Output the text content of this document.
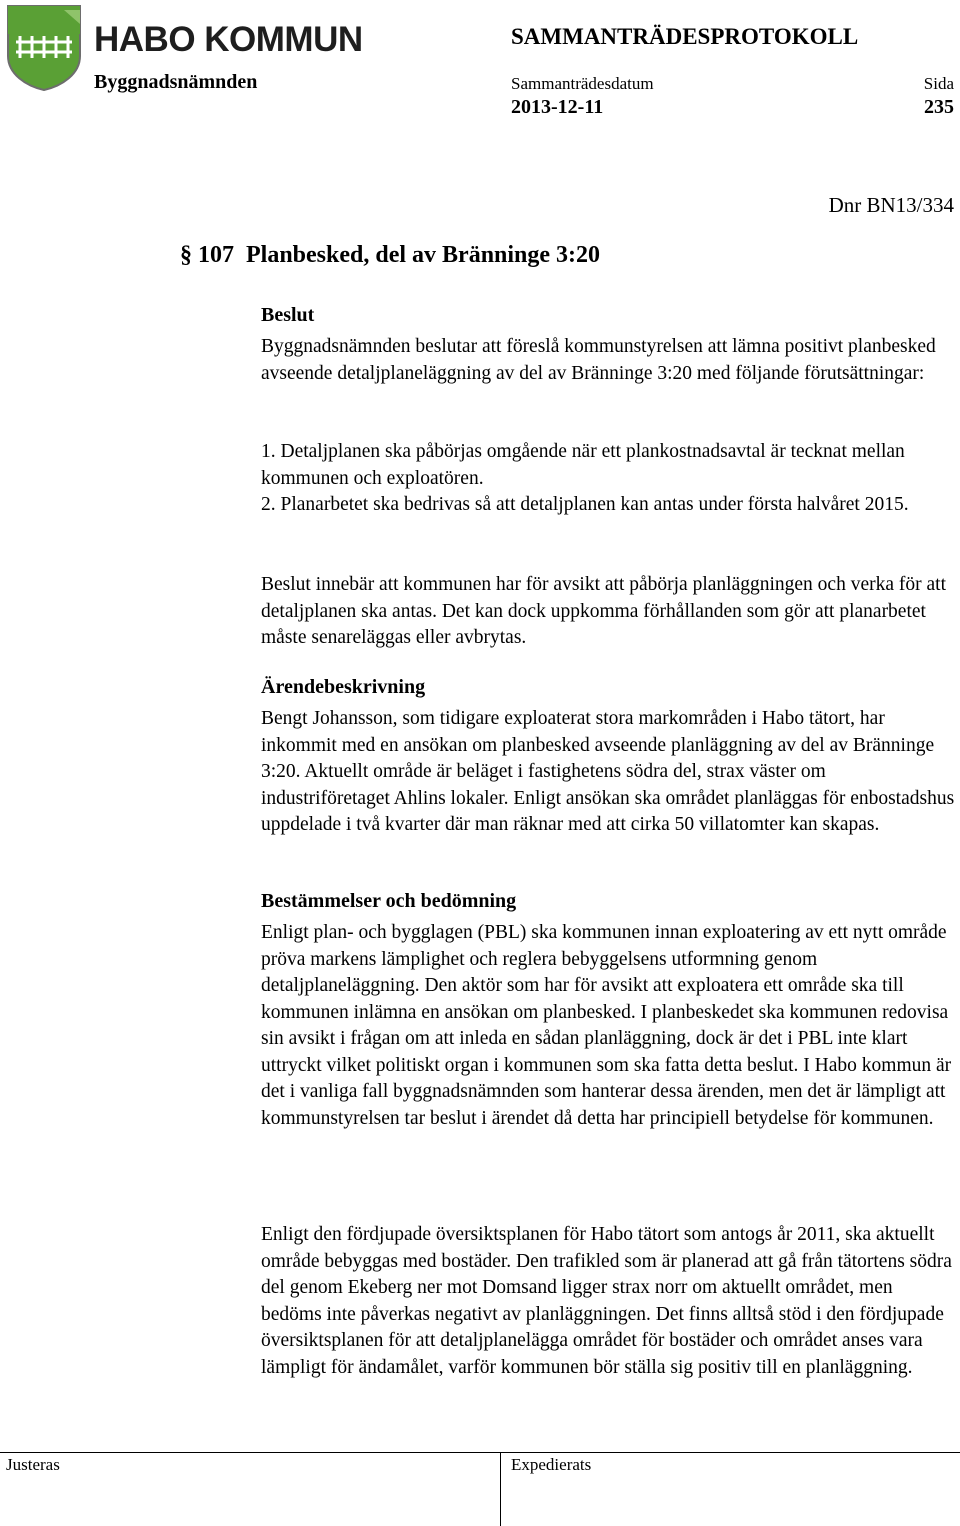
HABO KOMMUN	SAMMANTRÄDESPROTOKOLL
Byggnadsnämnden	Sammanträdesdatum	Sida
2013-12-11	235
Dnr BN13/334
§ 107 Planbesked, del av Bränninge 3:20
Beslut

Byggnadsnämnden beslutar att föreslå kommunstyrelsen att lämna positivt planbesked avseende detaljplaneläggning av del av Bränninge 3:20 med följande förutsättningar:

1. Detaljplanen ska påbörjas omgående när ett plankostnadsavtal är tecknat mellan kommunen och exploatören.

2. Planarbetet ska bedrivas så att detaljplanen kan antas under första halvåret 2015.

Beslut innebär att kommunen har för avsikt att påbörja planläggningen och verka för att detaljplanen ska antas. Det kan dock uppkomma förhållanden som gör att planarbetet måste senareläggas eller avbrytas.

Ärendebeskrivning

Bengt Johansson, som tidigare exploaterat stora markområden i Habo tätort, har inkommit med en ansökan om planbesked avseende planläggning av del av Bränninge 3:20. Aktuellt område är beläget i fastighetens södra del, strax väster om industriföretaget Ahlins lokaler. Enligt ansökan ska området planläggas för enbostadshus uppdelade i två kvarter där man räknar med att cirka 50 villatomter kan skapas.

Bestämmelser och bedömning

Enligt plan- och bygglagen (PBL) ska kommunen innan exploatering av ett nytt område pröva markens lämplighet och reglera bebyggelsens utformning genom detaljplaneläggning. Den aktör som har för avsikt att exploatera ett område ska till kommunen inlämna en ansökan om planbesked. I planbeskedet ska kommunen redovisa sin avsikt i frågan om att inleda en sådan planläggning, dock är det i PBL inte klart uttryckt vilket politiskt organ i kommunen som ska fatta detta beslut. I Habo kommun är det i vanliga fall byggnadsnämnden som hanterar dessa ärenden, men det är lämpligt att kommunstyrelsen tar beslut i ärendet då detta har principiell betydelse för kommunen.

Enligt den fördjupade översiktsplanen för Habo tätort som antogs år 2011, ska aktuellt område bebyggas med bostäder. Den trafikled som är planerad att gå från tätortens södra del genom Ekeberg ner mot Domsand ligger strax norr om aktuellt området, men bedöms inte påverkas negativt av planläggningen. Det finns alltså stöd i den fördjupade översiktsplanen för att detaljplanelägga området för bostäder och området anses vara lämpligt för ändamålet, varför kommunen bör ställa sig positiv till en planläggning.

Justeras	Expedierats
